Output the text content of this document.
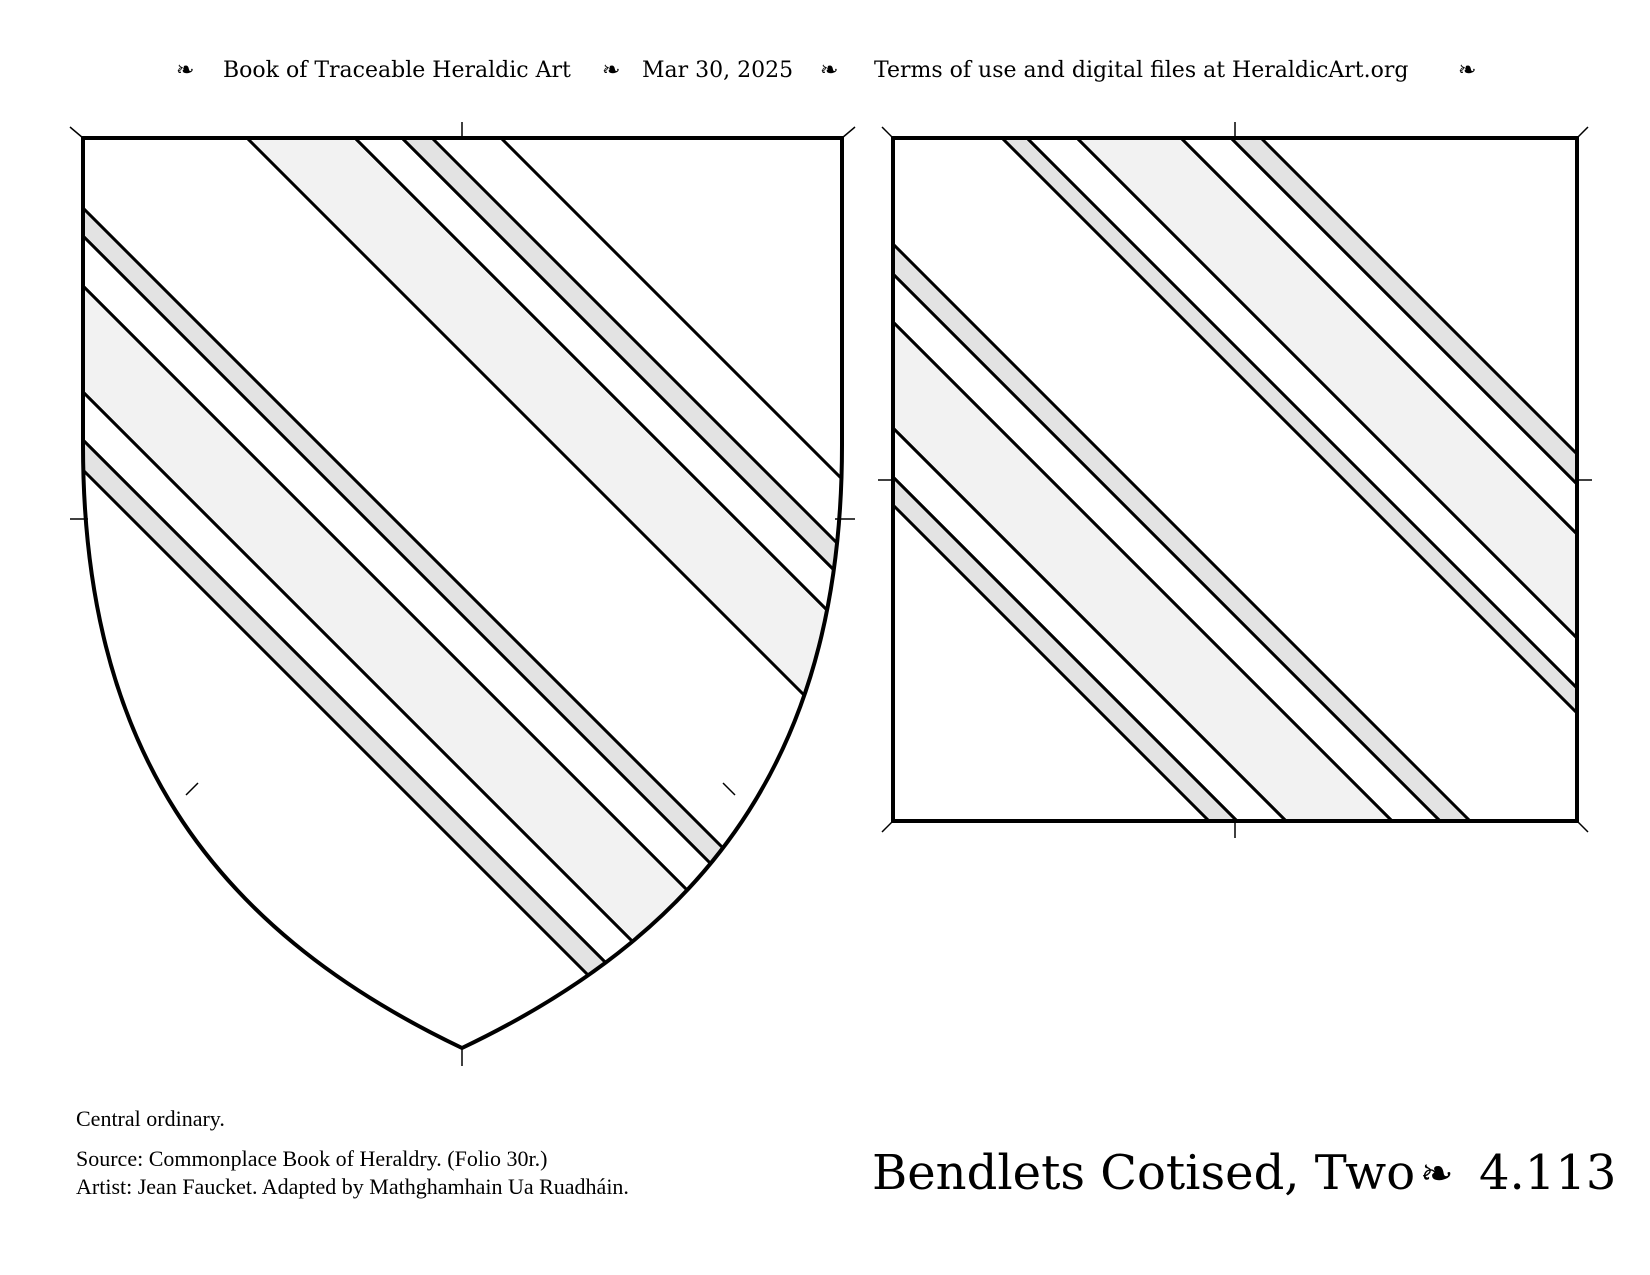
❧ Book of Traceable Heraldic Art ❧ Mar 30, 2025 ❧ Terms of use and digital files at HeraldicArt.org ❧
Central ordinary.
Source: Commonplace Book of Heraldry. (Folio 30r.)
Artist: Jean Faucket. Adapted by Mathghamhain Ua Ruadháin.	Bendlets Cotised, Two ❧ 4.113
